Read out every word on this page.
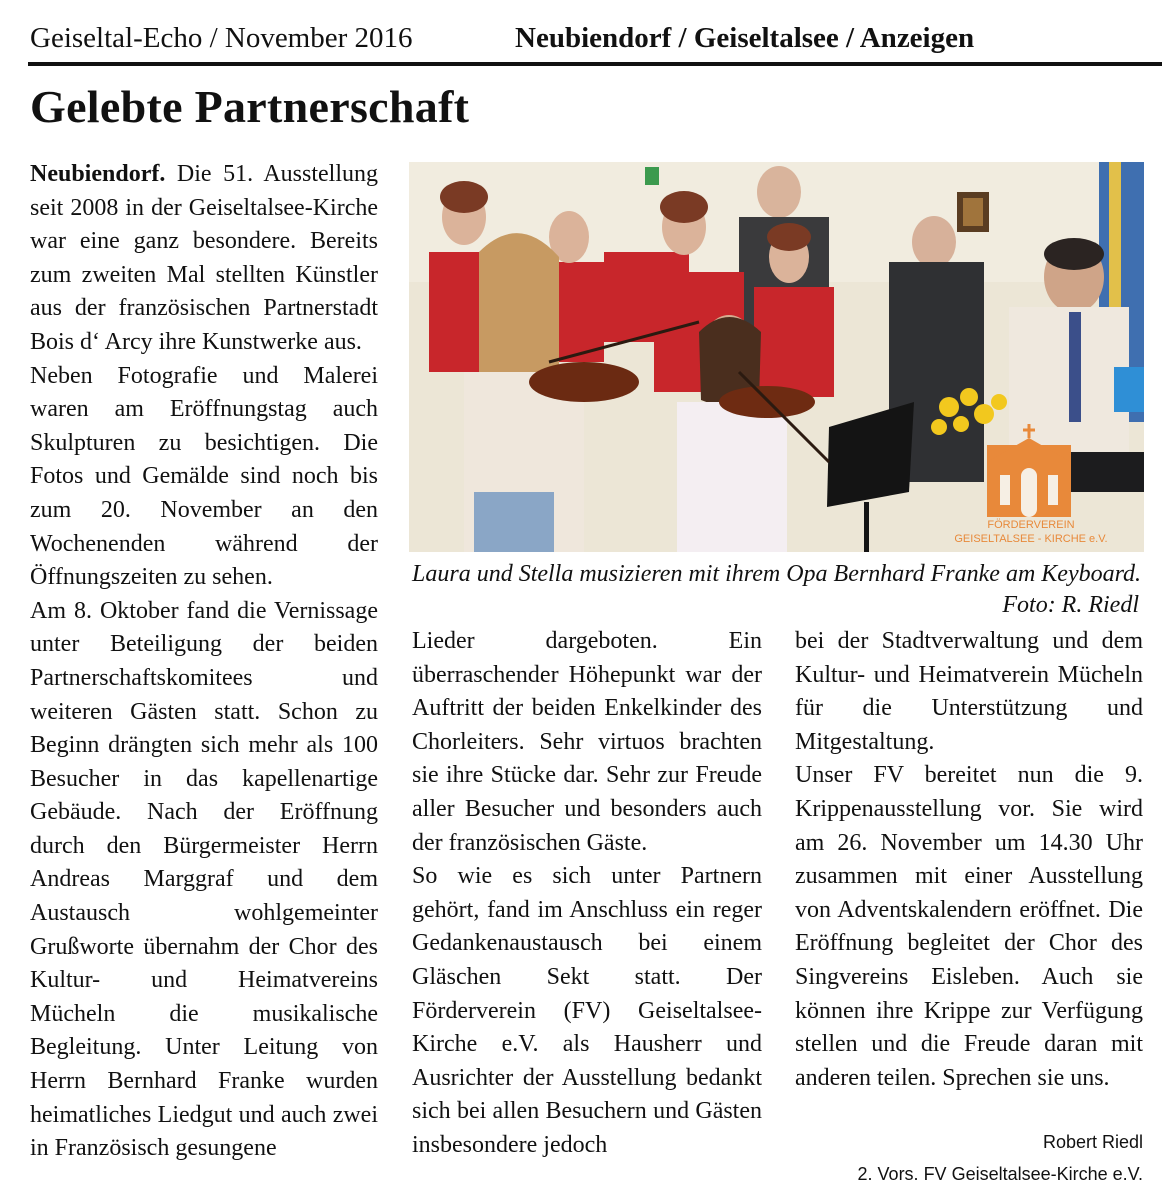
Geiseltal-Echo / November 2016	Neubiendorf / Geiseltalsee / Anzeigen
Gelebte Partnerschaft

Neubiendorf. Die 51. Ausstellung seit 2008 in der Geiseltalsee-Kirche war eine ganz besondere. Bereits zum zweiten Mal stellten Künstler aus der französischen Partnerstadt Bois d‘ Arcy ihre Kunstwerke aus.

Neben Fotografie und Malerei waren am Eröffnungstag auch Skulpturen zu besichtigen. Die Fotos und Gemälde sind noch bis zum 20. November an den Wochenenden während der Öffnungszeiten zu sehen.

Am 8. Oktober fand die Vernissage unter Beteiligung der beiden Partnerschaftskomitees und weiteren Gästen statt. Schon zu Beginn drängten sich mehr als 100 Besucher in das kapellenartige Gebäude. Nach der Eröffnung durch den Bürgermeister Herrn Andreas Marggraf und dem Austausch wohlgemeinter Grußworte übernahm der Chor des Kultur- und Heimatvereins Mücheln die musikalische Begleitung. Unter Leitung von Herrn Bernhard Franke wurden heimatliches Liedgut und auch zwei in Französisch gesungene

FÖRDERVEREIN
GEISELTALSEE - KIRCHE e.V.
Laura und Stella musizieren mit ihrem Opa Bernhard Franke am Keyboard.
Foto: R. Riedl

Lieder dargeboten. Ein überraschender Höhepunkt war der Auftritt der beiden Enkelkinder des Chorleiters. Sehr virtuos brachten sie ihre Stücke dar. Sehr zur Freude aller Besucher und besonders auch der französischen Gäste.

So wie es sich unter Partnern gehört, fand im Anschluss ein reger Gedankenaustausch bei einem Gläschen Sekt statt. Der Förderverein (FV) Geiseltalsee-Kirche e.V. als Hausherr und Ausrichter der Ausstellung bedankt sich bei allen Besuchern und Gästen insbesondere jedoch

bei der Stadtverwaltung und dem Kultur- und Heimatverein Mücheln für die Unterstützung und Mitgestaltung.

Unser FV bereitet nun die 9. Krippenausstellung vor. Sie wird am 26. November um 14.30 Uhr zusammen mit einer Ausstellung von Adventskalendern eröffnet. Die Eröffnung begleitet der Chor des Singvereins Eisleben. Auch sie können ihre Krippe zur Verfügung stellen und die Freude daran mit anderen teilen. Sprechen sie uns.

Robert Riedl
2. Vors. FV Geiseltalsee-Kirche e.V.
